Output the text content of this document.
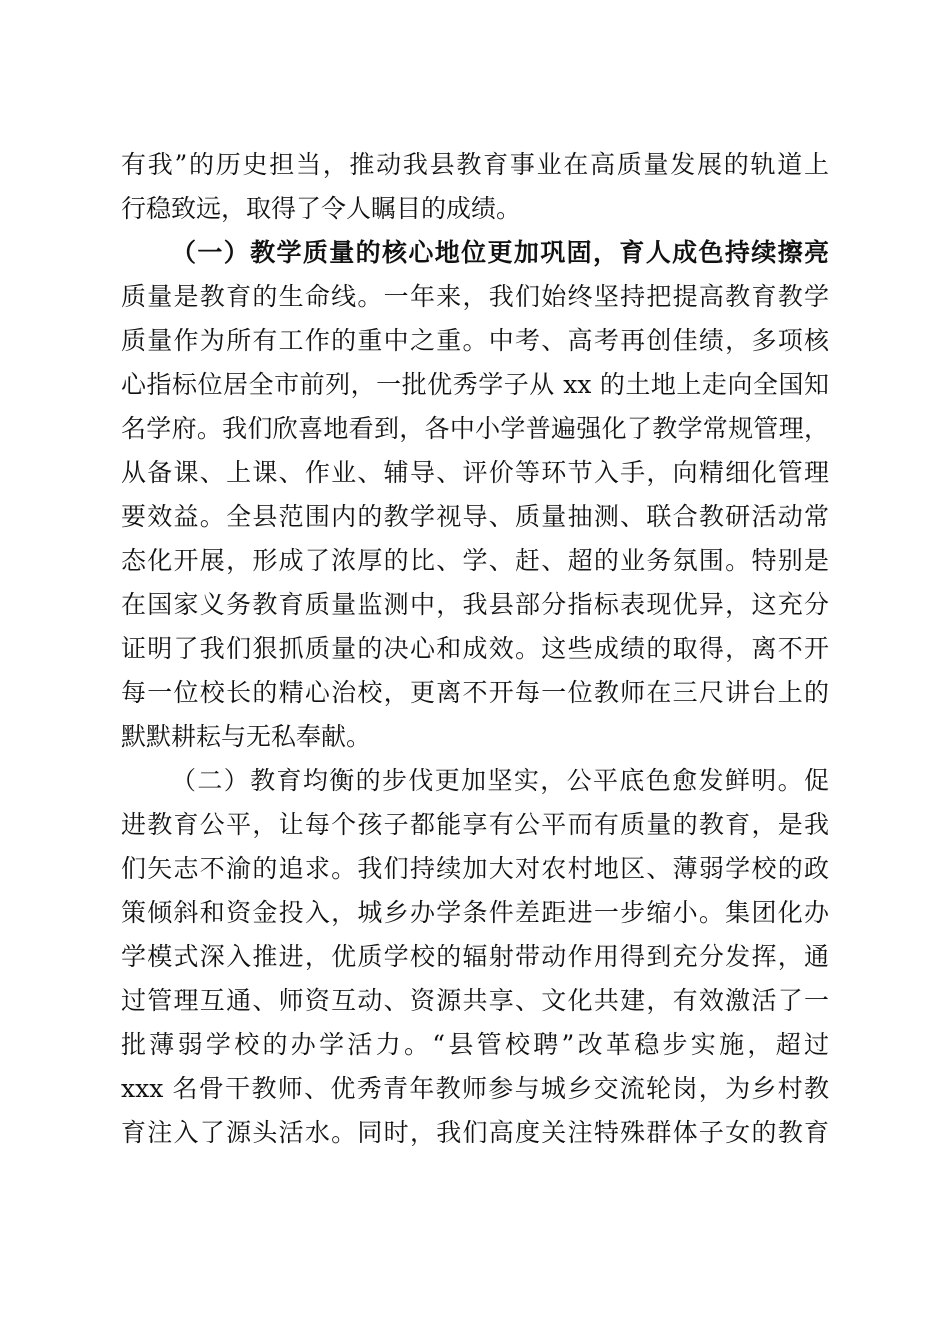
有我”的历史担当，推动我县教育事业在高质量发展的轨道上
行稳致远，取得了令人瞩目的成绩。
（一）教学质量的核心地位更加巩固，育人成色持续擦亮
质量是教育的生命线。一年来，我们始终坚持把提高教育教学
质量作为所有工作的重中之重。中考、高考再创佳绩，多项核
心指标位居全市前列，一批优秀学子从 xx 的土地上走向全国知
名学府。我们欣喜地看到，各中小学普遍强化了教学常规管理，
从备课、上课、作业、辅导、评价等环节入手，向精细化管理
要效益。全县范围内的教学视导、质量抽测、联合教研活动常
态化开展，形成了浓厚的比、学、赶、超的业务氛围。特别是
在国家义务教育质量监测中，我县部分指标表现优异，这充分
证明了我们狠抓质量的决心和成效。这些成绩的取得，离不开
每一位校长的精心治校，更离不开每一位教师在三尺讲台上的
默默耕耘与无私奉献。
（二）教育均衡的步伐更加坚实，公平底色愈发鲜明。促
进教育公平，让每个孩子都能享有公平而有质量的教育，是我
们矢志不渝的追求。我们持续加大对农村地区、薄弱学校的政
策倾斜和资金投入，城乡办学条件差距进一步缩小。集团化办
学模式深入推进，优质学校的辐射带动作用得到充分发挥，通
过管理互通、师资互动、资源共享、文化共建，有效激活了一
批薄弱学校的办学活力。“县管校聘”改革稳步实施，超过
xxx 名骨干教师、优秀青年教师参与城乡交流轮岗，为乡村教
育注入了源头活水。同时，我们高度关注特殊群体子女的教育
